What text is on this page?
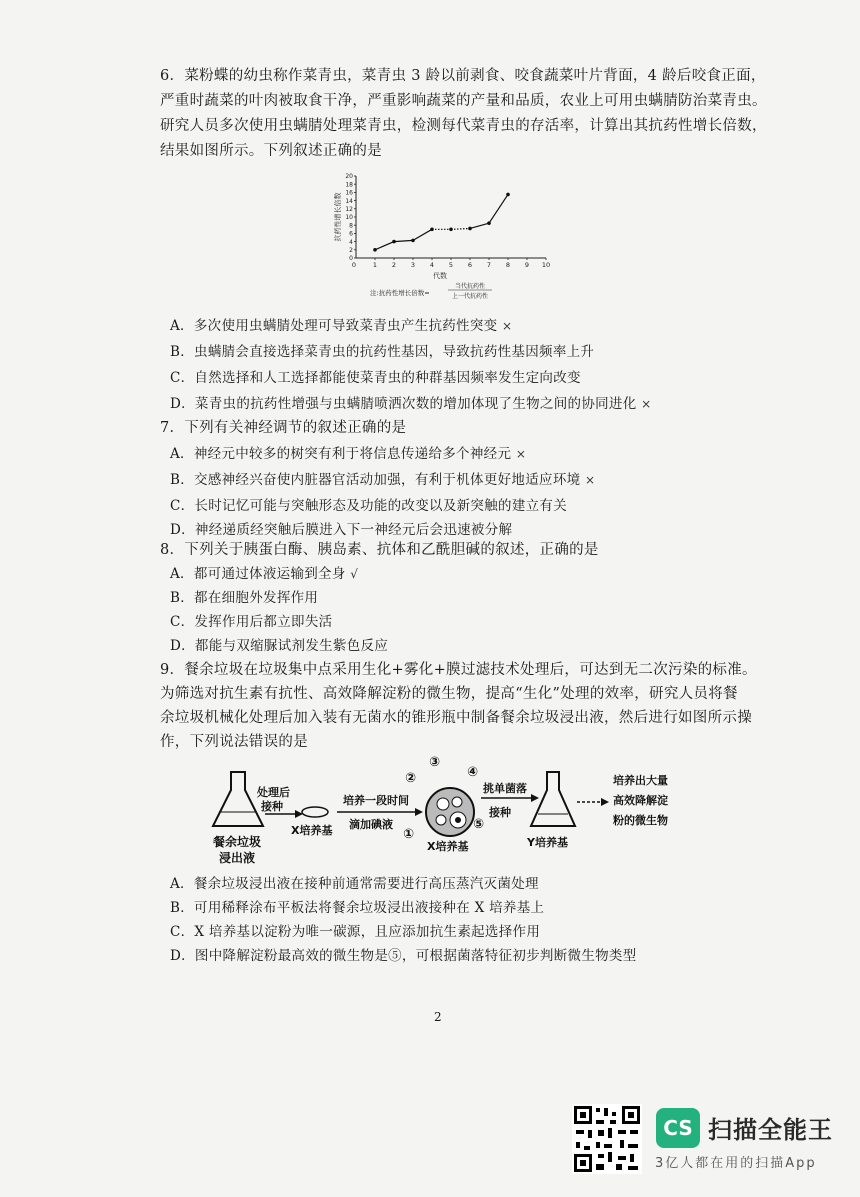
6．菜粉蝶的幼虫称作菜青虫，菜青虫 3 龄以前剥食、咬食蔬菜叶片背面，4 龄后咬食正面，
严重时蔬菜的叶肉被取食干净，严重影响蔬菜的产量和品质，农业上可用虫螨腈防治菜青虫。
研究人员多次使用虫螨腈处理菜青虫，检测每代菜青虫的存活率，计算出其抗药性增长倍数，
结果如图所示。下列叙述正确的是
0
2
4
6
8
10
12
14
16
18
20
0	1 2 3 4 5 6 7 8 9 10
抗药性增长倍数
代数
注:抗药性增长倍数=
当代抗药性
上一代抗药性
A．多次使用虫螨腈处理可导致菜青虫产生抗药性突变 ×
B．虫螨腈会直接选择菜青虫的抗药性基因，导致抗药性基因频率上升
C．自然选择和人工选择都能使菜青虫的种群基因频率发生定向改变
D．菜青虫的抗药性增强与虫螨腈喷洒次数的增加体现了生物之间的协同进化 ×
7．下列有关神经调节的叙述正确的是
A．神经元中较多的树突有利于将信息传递给多个神经元 ×
B．交感神经兴奋使内脏器官活动加强，有利于机体更好地适应环境 ×
C．长时记忆可能与突触形态及功能的改变以及新突触的建立有关
D．神经递质经突触后膜进入下一神经元后会迅速被分解
8．下列关于胰蛋白酶、胰岛素、抗体和乙酰胆碱的叙述，正确的是
A．都可通过体液运输到全身 √
B．都在细胞外发挥作用
C．发挥作用后都立即失活
D．都能与双缩脲试剂发生紫色反应
9．餐余垃圾在垃圾集中点采用生化+雾化+膜过滤技术处理后，可达到无二次污染的标准。
为筛选对抗生素有抗性、高效降解淀粉的微生物，提高“生化”处理的效率，研究人员将餐
余垃圾机械化处理后加入装有无菌水的锥形瓶中制备餐余垃圾浸出液，然后进行如图所示操
作，下列说法错误的是
餐余垃圾
浸出液
处理后
接种
X培养基
培养一段时间
滴加碘液
②
③
④
①
⑤
X培养基
挑单菌落
接种
Y培养基
培养出大量
高效降解淀
粉的微生物
A．餐余垃圾浸出液在接种前通常需要进行高压蒸汽灭菌处理
B．可用稀释涂布平板法将餐余垃圾浸出液接种在 X 培养基上
C．X 培养基以淀粉为唯一碳源，且应添加抗生素起选择作用
D．图中降解淀粉最高效的微生物是⑤，可根据菌落特征初步判断微生物类型
2
CS 扫描全能王
3亿人都在用的扫描App
